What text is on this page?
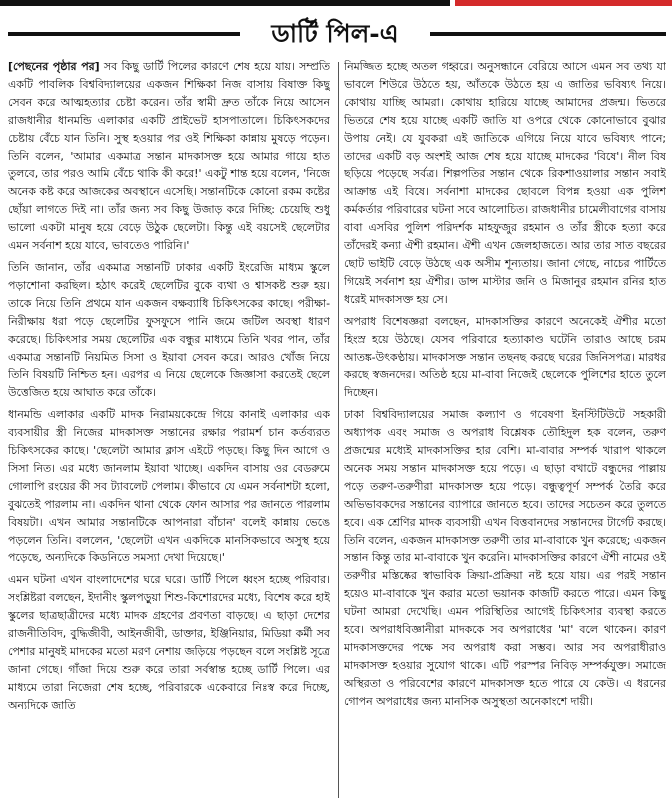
ডার্টি পিল-এ

[পেছনের পৃষ্ঠার পর] সব কিছু ডার্টি পিলের কারণে শেষ হয়ে যায়। সম্প্রতি একটি পাবলিক বিশ্ববিদ্যালয়ের একজন শিক্ষিকা নিজ বাসায় বিষাক্ত কিছু সেবন করে আত্মহত্যার চেষ্টা করেন। তাঁর স্বামী দ্রুত তাঁকে নিয়ে আসেন রাজধানীর ধানমন্ডি এলাকার একটি প্রাইভেট হাসপাতালে। চিকিৎসকদের চেষ্টায় বেঁচে যান তিনি। সুস্থ হওয়ার পর ওই শিক্ষিকা কান্নায় মুষড়ে পড়েন। তিনি বলেন, 'আমার একমাত্র সন্তান মাদকাসক্ত হয়ে আমার গায়ে হাত তুলবে, তার পরও আমি বেঁচে থাকি কী করে!' একটু শান্ত হয়ে বলেন, 'নিজে অনেক কষ্ট করে আজকের অবস্থানে এসেছি। সন্তানটিকে কোনো রকম কষ্টের ছোঁয়া লাগতে দিই না। তাঁর জন্য সব কিছু উজাড় করে দিচ্ছি: চেয়েছি শুধু ভালো একটা মানুষ হয়ে বেড়ে উঠুক ছেলেটা। কিন্তু এই বয়সেই ছেলেটার এমন সর্বনাশ হয়ে যাবে, ভাবতেও পারিনি।'

তিনি জানান, তাঁর একমাত্র সন্তানটি ঢাকার একটি ইংরেজি মাধ্যম স্কুলে পড়াশোনা করছিল। হঠাৎ করেই ছেলেটির বুকে ব্যথা ও শ্বাসকষ্ট শুরু হয়। তাকে নিয়ে তিনি প্রথমে যান একজন বক্ষব্যাধি চিকিৎসকের কাছে। পরীক্ষা-নিরীক্ষায় ধরা পড়ে ছেলেটির ফুসফুসে পানি জমে জটিল অবস্থা ধারণ করেছে। চিকিৎসার সময় ছেলেটির এক বন্ধুর মাধ্যমে তিনি খবর পান, তাঁর একমাত্র সন্তানটি নিয়মিত সিসা ও ইয়াবা সেবন করে। আরও খোঁজ নিয়ে তিনি বিষয়টি নিশ্চিত হন। এরপর এ নিয়ে ছেলেকে জিজ্ঞাসা করতেই ছেলে উত্তেজিত হয়ে আঘাত করে তাঁকে।

ধানমন্ডি এলাকার একটি মাদক নিরাময়কেন্দ্রে গিয়ে কানাই এলাকার এক ব্যবসায়ীর স্ত্রী নিজের মাদকাসক্ত সন্তানের রক্ষার পরামর্শ চান কর্তব্যরত চিকিৎসকের কাছে। 'ছেলেটা আমার ক্লাস এইটে পড়ছে। কিছু দিন আগে ও সিসা নিত। এর মধ্যে জানলাম ইয়াবা খাচ্ছে। একদিন বাসায় ওর বেডরুমে গোলাপি রংয়ের কী সব ট্যাবলেট পেলাম। কীভাবে যে এমন সর্বনাশটা হলো, বুঝতেই পারলাম না। একদিন থানা থেকে ফোন আসার পর জানতে পারলাম বিষয়টা। এখন আমার সন্তানটিকে আপনারা বাঁচান' বলেই কান্নায় ভেঙে পড়লেন তিনি। বললেন, 'ছেলেটা এখন একদিকে মানসিকভাবে অসুস্থ হয়ে পড়েছে, অন্যদিকে কিডনিতে সমস্যা দেখা দিয়েছে।'

এমন ঘটনা এখন বাংলাদেশের ঘরে ঘরে। ডার্টি পিলে ধ্বংস হচ্ছে পরিবার। সংশ্লিষ্টরা বলছেন, ইদানীং স্কুলপড়ুয়া শিশু-কিশোরদের মধ্যে, বিশেষ করে হাই স্কুলের ছাত্রছাত্রীদের মধ্যে মাদক গ্রহণের প্রবণতা বাড়ছে। এ ছাড়া দেশের রাজনীতিবিদ, বুদ্ধিজীবী, আইনজীবী, ডাক্তার, ইঞ্জিনিয়ার, মিডিয়া কর্মী সব পেশার মানুষই মাদকের মতো মরণ নেশায় জড়িয়ে পড়ছেন বলে সংশ্লিষ্ট সূত্রে জানা গেছে। গাঁজা দিয়ে শুরু করে তারা সর্বস্বান্ত হচ্ছে ডার্টি পিলে। এর মাধ্যমে তারা নিজেরা শেষ হচ্ছে, পরিবারকে একেবারে নিঃস্ব করে দিচ্ছে, অন্যদিকে জাতি

নিমজ্জিত হচ্ছে অতল গহ্বরে। অনুসন্ধানে বেরিয়ে আসে এমন সব তথ্য যা ভাবলে শিউরে উঠতে হয়, আঁতকে উঠতে হয় এ জাতির ভবিষ্যৎ নিয়ে। কোথায় যাচ্ছি আমরা। কোথায় হারিয়ে যাচ্ছে আমাদের প্রজন্ম। ভিতরে ভিতরে শেষ হয়ে যাচ্ছে একটি জাতি যা ওপরে থেকে কোনোভাবে বুঝার উপায় নেই। যে যুবকরা এই জাতিকে এগিয়ে নিয়ে যাবে ভবিষ্যৎ পানে; তাদের একটি বড় অংশই আজ শেষ হয়ে যাচ্ছে মাদকের 'বিষে'। নীল বিষ ছড়িয়ে পড়েছে সর্বত্র। শিল্পপতির সন্তান থেকে রিকশাওয়ালার সন্তান সবাই আক্রান্ত এই বিষে। সর্বনাশা মাদকের ছোবলে বিপন্ন হওয়া এক পুলিশ কর্মকর্তার পরিবারের ঘটনা সবে আলোচিত। রাজধানীর চামেলীবাগের বাসায় বাবা এসবির পুলিশ পরিদর্শক মাহফুজুর রহমান ও তাঁর স্ত্রীকে হত্যা করে তাঁদেরই কন্যা ঐশী রহমান। ঐশী এখন জেলহাজতে। আর তার সাত বছরের ছোট ভাইটি বেড়ে উঠছে এক অসীম শূন্যতায়। জানা গেছে, নাচের পার্টিতে গিয়েই সর্বনাশ হয় ঐশীর। ডান্স মাস্টার জনি ও মিজানুর রহমান রনির হাত ধরেই মাদকাসক্ত হয় সে।

অপরাধ বিশেষজ্ঞরা বলছেন, মাদকাসক্তির কারণে অনেকেই ঐশীর মতো হিংস্র হয়ে উঠছে। যেসব পরিবারে হত্যাকাণ্ড ঘটেনি তারাও আছে চরম আতঙ্ক-উৎকণ্ঠায়। মাদকাসক্ত সন্তান তছনছ করছে ঘরের জিনিসপত্র। মারধর করছে স্বজনদের। অতিষ্ঠ হয়ে মা-বাবা নিজেই ছেলেকে পুলিশের হাতে তুলে দিচ্ছেন।

ঢাকা বিশ্ববিদ্যালয়ের সমাজ কল্যাণ ও গবেষণা ইনস্টিটিউটে সহকারী অধ্যাপক এবং সমাজ ও অপরাধ বিশ্লেষক তৌহিদুল হক বলেন, তরুণ প্রজন্মের মধ্যেই মাদকাসক্তির হার বেশি। মা-বাবার সম্পর্ক খারাপ থাকলে অনেক সময় সন্তান মাদকাসক্ত হয়ে পড়ে। এ ছাড়া বখাটে বন্ধুদের পাল্লায় পড়ে তরুণ-তরুণীরা মাদকাসক্ত হয়ে পড়ে। বন্ধুত্বপূর্ণ সম্পর্ক তৈরি করে অভিভাবকদের সন্তানের ব্যাপারে জানতে হবে। তাদের সচেতন করে তুলতে হবে। এক শ্রেণির মাদক ব্যবসায়ী এখন বিত্তবানদের সন্তানদের টার্গেট করছে। তিনি বলেন, একজন মাদকাসক্ত তরুণী তার মা-বাবাকে খুন করেছে; একজন সন্তান কিন্তু তার মা-বাবাকে খুন করেনি। মাদকাসক্তির কারণে ঐশী নামের ওই তরুণীর মস্তিষ্কের স্বাভাবিক ক্রিয়া-প্রক্রিয়া নষ্ট হয়ে যায়। এর পরই সন্তান হয়েও মা-বাবাকে খুন করার মতো ভয়ানক কাজটি করতে পারে। এমন কিছু ঘটনা আমরা দেখেছি। এমন পরিস্থিতির আগেই চিকিৎসার ব্যবস্থা করতে হবে। অপরাধবিজ্ঞানীরা মাদককে সব অপরাধের 'মা' বলে থাকেন। কারণ মাদকাসক্তদের পক্ষে সব অপরাধ করা সম্ভব। আর সব অপরাধীরাও মাদকাসক্ত হওয়ার সুযোগ থাকে। এটি পরস্পর নিবিড় সম্পর্কযুক্ত। সমাজে অস্থিরতা ও পরিবেশের কারণে মাদকাসক্ত হতে পারে যে কেউ। এ ধরনের গোপন অপরাধের জন্য মানসিক অসুস্থতা অনেকাংশে দায়ী।
